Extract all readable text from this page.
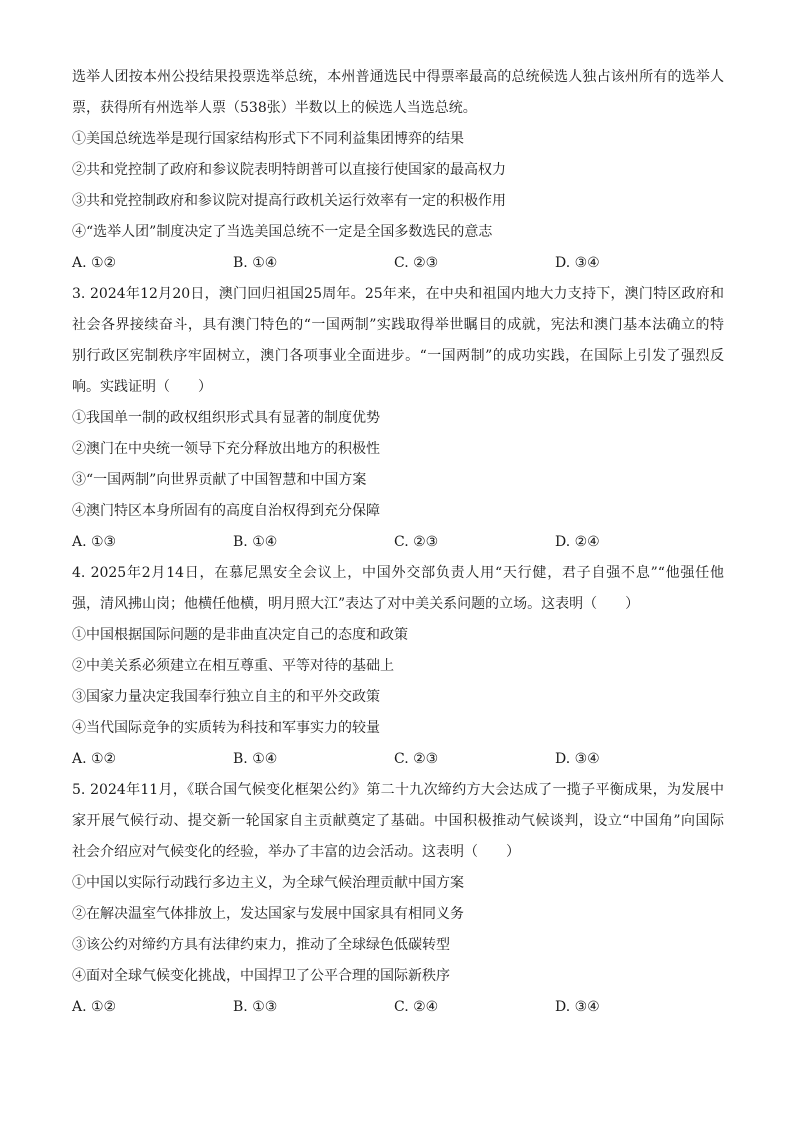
选举人团按本州公投结果投票选举总统，本州普通选民中得票率最高的总统候选人独占该州所有的选举人
票，获得所有州选举人票（538张）半数以上的候选人当选总统。
①美国总统选举是现行国家结构形式下不同利益集团博弈的结果
②共和党控制了政府和参议院表明特朗普可以直接行使国家的最高权力
③共和党控制政府和参议院对提高行政机关运行效率有一定的积极作用
④“选举人团”制度决定了当选美国总统不一定是全国多数选民的意志
A. ①②	B. ①④	C. ②③	D. ③④
3. 2024年12月20日，澳门回归祖国25周年。25年来，在中央和祖国内地大力支持下，澳门特区政府和
社会各界接续奋斗，具有澳门特色的“一国两制”实践取得举世瞩目的成就，宪法和澳门基本法确立的特
别行政区宪制秩序牢固树立，澳门各项事业全面进步。“一国两制”的成功实践，在国际上引发了强烈反
响。实践证明（　　）
①我国单一制的政权组织形式具有显著的制度优势
②澳门在中央统一领导下充分释放出地方的积极性
③“一国两制”向世界贡献了中国智慧和中国方案
④澳门特区本身所固有的高度自治权得到充分保障
A. ①③	B. ①④	C. ②③	D. ②④
4. 2025年2月14日，在慕尼黑安全会议上，中国外交部负责人用“天行健，君子自强不息”“他强任他
强，清风拂山岗；他横任他横，明月照大江”表达了对中美关系问题的立场。这表明（　　）
①中国根据国际问题的是非曲直决定自己的态度和政策
②中美关系必须建立在相互尊重、平等对待的基础上
③国家力量决定我国奉行独立自主的和平外交政策
④当代国际竞争的实质转为科技和军事实力的较量
A. ①②	B. ①④	C. ②③	D. ③④
5. 2024年11月，《联合国气候变化框架公约》第二十九次缔约方大会达成了一揽子平衡成果，为发展中
家开展气候行动、提交新一轮国家自主贡献奠定了基础。中国积极推动气候谈判，设立“中国角”向国际
社会介绍应对气候变化的经验，举办了丰富的边会活动。这表明（　　）
①中国以实际行动践行多边主义，为全球气候治理贡献中国方案
②在解决温室气体排放上，发达国家与发展中国家具有相同义务
③该公约对缔约方具有法律约束力，推动了全球绿色低碳转型
④面对全球气候变化挑战，中国捍卫了公平合理的国际新秩序
A. ①②	B. ①③	C. ②④	D. ③④
